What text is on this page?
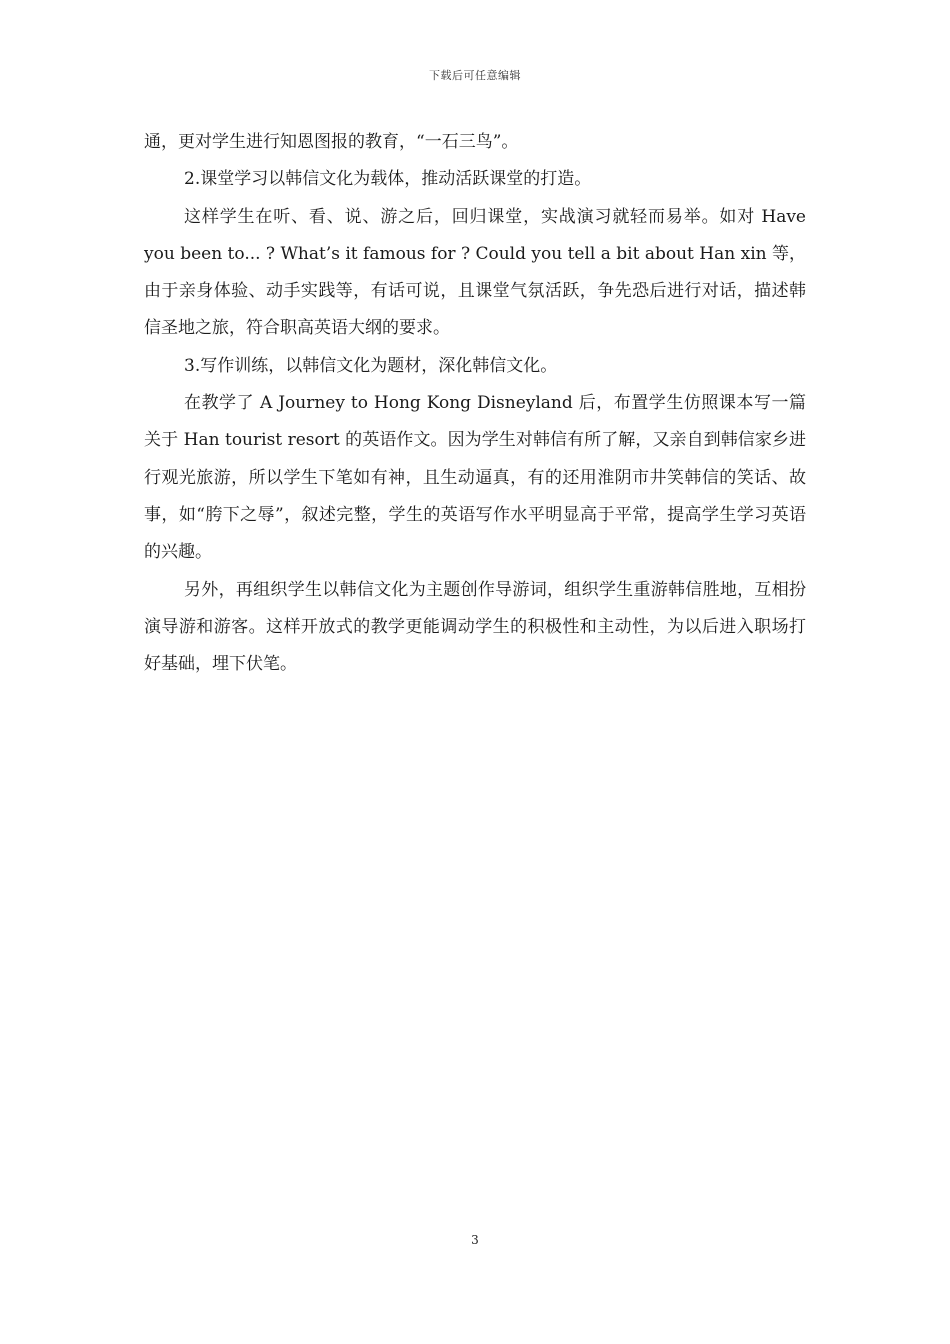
下载后可任意编辑

通，更对学生进行知恩图报的教育，“一石三鸟”。

2.课堂学习以韩信文化为载体，推动活跃课堂的打造。

这样学生在听、看、说、游之后，回归课堂，实战演习就轻而易举。如对 Have you been to... ? What’s it famous for ? Could you tell a bit about Han xin 等，由于亲身体验、动手实践等，有话可说，且课堂气氛活跃，争先恐后进行对话，描述韩信圣地之旅，符合职高英语大纲的要求。

3.写作训练，以韩信文化为题材，深化韩信文化。

在教学了 A Journey to Hong Kong Disneyland 后，布置学生仿照课本写一篇关于 Han tourist resort 的英语作文。因为学生对韩信有所了解，又亲自到韩信家乡进行观光旅游，所以学生下笔如有神，且生动逼真，有的还用淮阴市井笑韩信的笑话、故事，如“胯下之辱”，叙述完整，学生的英语写作水平明显高于平常，提高学生学习英语的兴趣。

另外，再组织学生以韩信文化为主题创作导游词，组织学生重游韩信胜地，互相扮演导游和游客。这样开放式的教学更能调动学生的积极性和主动性，为以后进入职场打好基础，埋下伏笔。

3
